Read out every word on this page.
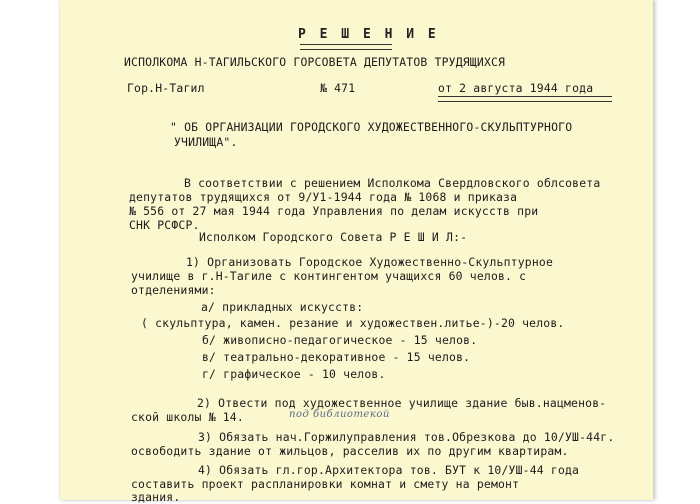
Р Е Ш Е Н И Е
ИСПОЛКОМА Н-ТАГИЛЬСКОГО ГОРСОВЕТА ДЕПУТАТОВ ТРУДЯЩИХСЯ
Гор.Н-Тагил	№ 471	от 2 августа 1944 года
" ОБ ОРГАНИЗАЦИИ ГОРОДСКОГО ХУДОЖЕСТВЕННОГО-СКУЛЬПТУРНОГО
УЧИЛИЩА".
В соответствии с решением Исполкома Свердловского облсовета
депутатов трудящихся от 9/У1-1944 года № 1068 и приказа
№ 556 от 27 мая 1944 года Управления по делам искусств при
СНК РСФСР.
Исполком Городского Совета Р Е Ш И Л:-
1) Организовать Городское Художественно-Скульптурное
училище в г.Н-Тагиле с контингентом учащихся 60 челов. с
отделениями:
а/ прикладных искусств:
( скульптура, камен. резание и художествен.литье-)-20 челов.
б/ живописно-педагогическое - 15 челов.
в/ театрально-декоративное - 15 челов.
г/ графическое - 10 челов.
2) Отвести под художественное училище здание быв.нацменов-
ской школы № 14.	под библиотекой
3) Обязать нач.Горжилуправления тов.Обрезкова до 10/УШ-44г.
освободить здание от жильцов, расселив их по другим квартирам.
4) Обязать гл.гор.Архитектора тов. БУТ к 10/УШ-44 года
составить проект распланировки комнат и смету на ремонт
здания.
